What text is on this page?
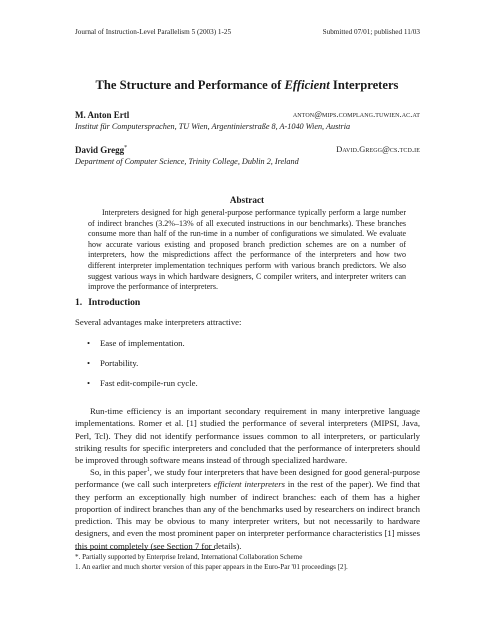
Journal of Instruction-Level Parallelism 5 (2003) 1-25	Submitted 07/01; published 11/03
The Structure and Performance of Efficient Interpreters
M. Anton Ertl	anton@mips.complang.tuwien.ac.at
Institut für Computersprachen, TU Wien, Argentinierstraße 8, A-1040 Wien, Austria
David Gregg*	David.Gregg@cs.tcd.ie
Department of Computer Science, Trinity College, Dublin 2, Ireland
Abstract
Interpreters designed for high general-purpose performance typically perform a large number of indirect branches (3.2%–13% of all executed instructions in our benchmarks). These branches consume more than half of the run-time in a number of configurations we simulated. We evaluate how accurate various existing and proposed branch prediction schemes are on a number of interpreters, how the mispredictions affect the performance of the interpreters and how two different interpreter implementation techniques perform with various branch predictors. We also suggest various ways in which hardware designers, C compiler writers, and interpreter writers can improve the performance of interpreters.
1. Introduction
Several advantages make interpreters attractive:
• Ease of implementation.
• Portability.
• Fast edit-compile-run cycle.
Run-time efficiency is an important secondary requirement in many interpretive language implementations. Romer et al. [1] studied the performance of several interpreters (MIPSI, Java, Perl, Tcl). They did not identify performance issues common to all interpreters, or particularly striking results for specific interpreters and concluded that the performance of interpreters should be improved through software means instead of through specialized hardware.
So, in this paper$^1$, we study four interpreters that have been designed for good general-purpose performance (we call such interpreters efficient interpreters in the rest of the paper). We find that they perform an exceptionally high number of indirect branches: each of them has a higher proportion of indirect branches than any of the benchmarks used by researchers on indirect branch prediction. This may be obvious to many interpreter writers, but not necessarily to hardware designers, and even the most prominent paper on interpreter performance characteristics [1] misses this point completely (see Section 7 for details).
*. Partially supported by Enterprise Ireland, International Collaboration Scheme
1. An earlier and much shorter version of this paper appears in the Euro-Par '01 proceedings [2].
